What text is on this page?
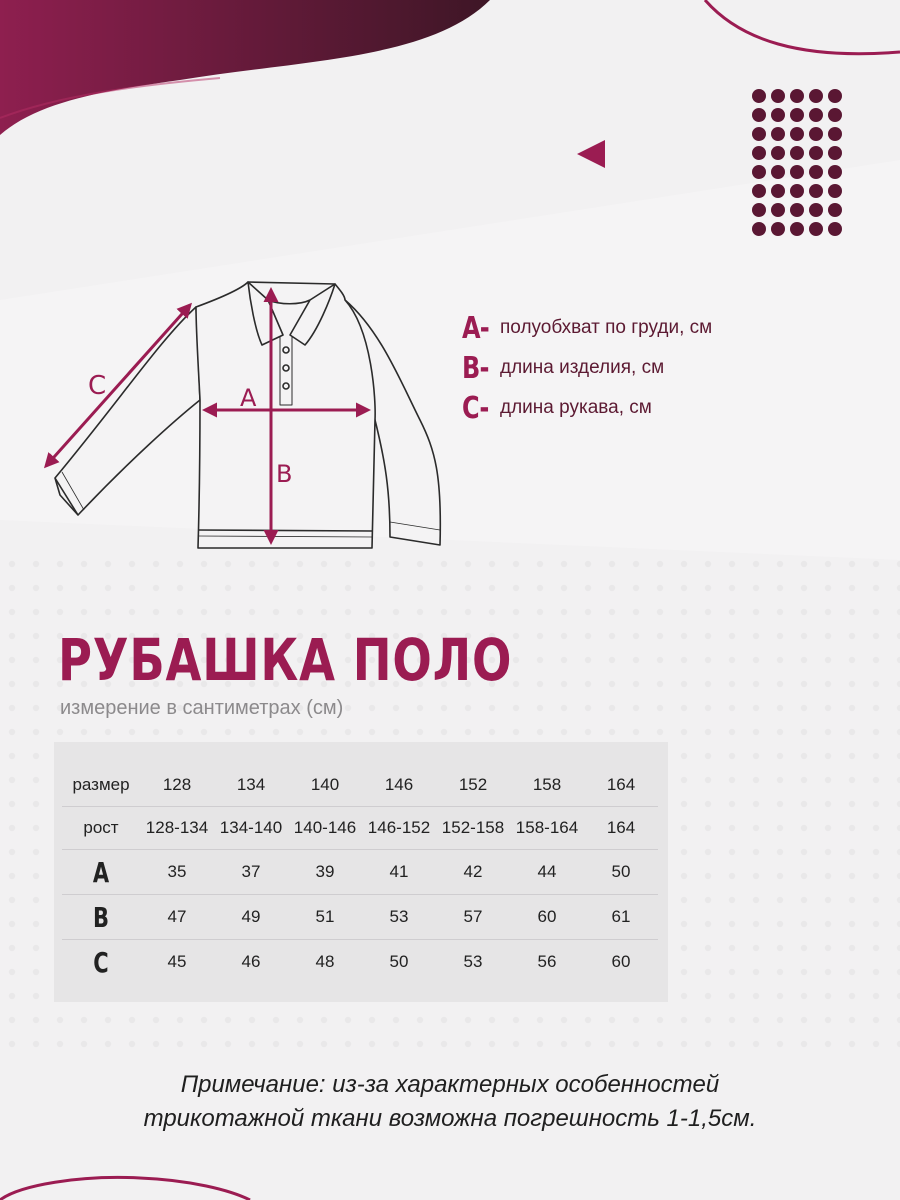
A
B
C
A- полуобхват по груди, см
B- длина изделия, см
C- длина рукава, см
РУБАШКА ПОЛО
измерение в сантиметрах (см)
размер	128	134	140	146	152	158	164
рост	128-134	134-140	140-146	146-152	152-158	158-164	164
A	35	37	39	41	42	44	50
B	47	49	51	53	57	60	61
C	45	46	48	50	53	56	60
Примечание: из-за характерных особенностей
трикотажной ткани возможна погрешность 1-1,5см.
